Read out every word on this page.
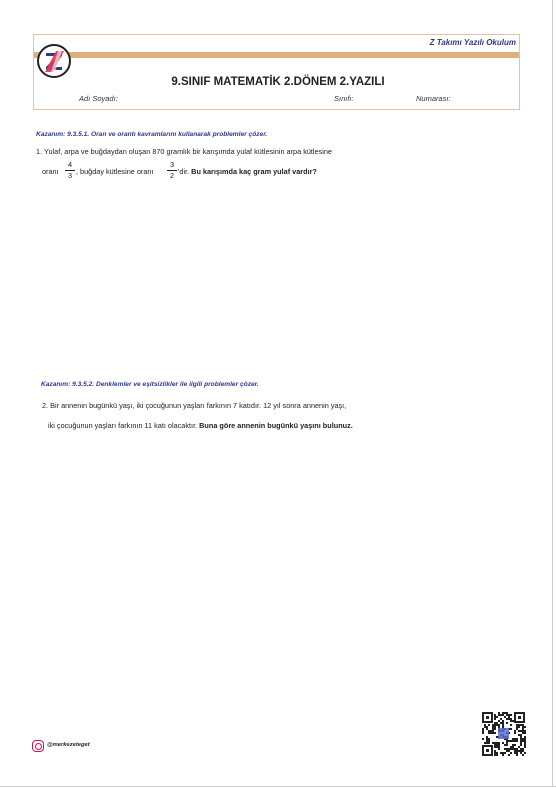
Z Takımı Yazılı Okulum
9.SINIF MATEMATİK 2.DÖNEM 2.YAZILI
Adı Soyadı:	Sınıfı:	Numarası:
Kazanım: 9.3.5.1. Oran ve orantı kavramlarını kullanarak problemler çözer.
1. Yulaf, arpa ve buğdaydan oluşan 870 gramlık bir karışımda yulaf kütlesinin arpa kütlesine
oranı
4
3 , buğday kütlesine oranı
3
2 'dir. Bu karışımda kaç gram yulaf vardır?
Kazanım: 9.3.5.2. Denklemler ve eşitsizlikler ile ilgili problemler çözer.
2. Bir annenin bugünkü yaşı, iki çocuğunun yaşları farkının 7 katıdır. 12 yıl sonra annenin yaşı,
iki çocuğunun yaşları farkının 11 katı olacaktır. Buna göre annenin bugünkü yaşını bulunuz.
@merkezeteget
